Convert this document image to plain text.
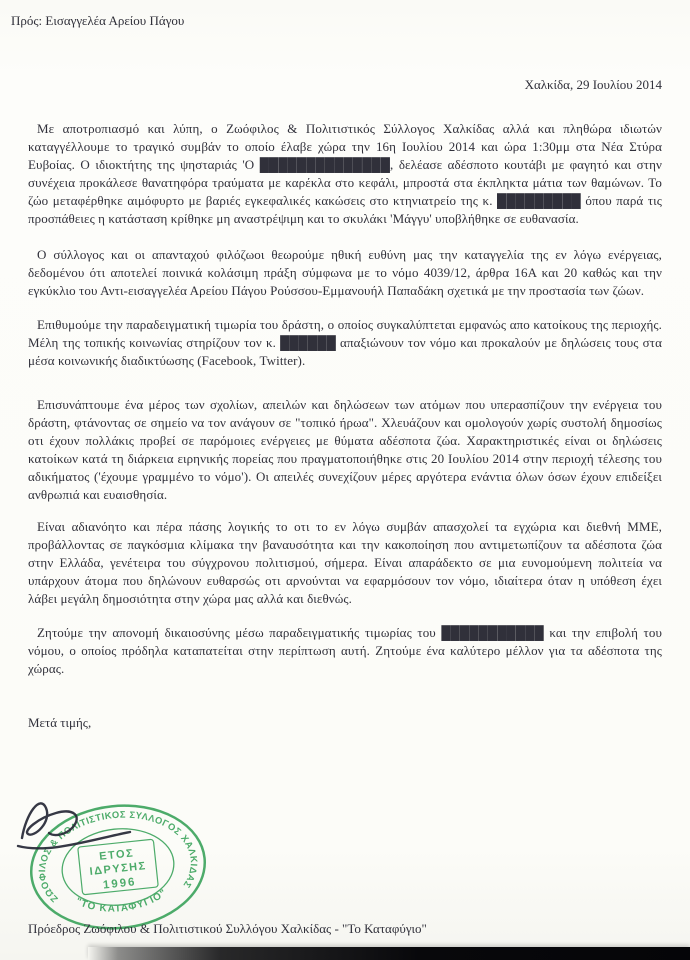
Πρός: Εισαγγελέα Αρείου Πάγου
Χαλκίδα, 29 Ιουλίου 2014

Με αποτροπιασμό και λύπη, ο Ζωόφιλος & Πολιτιστικός Σύλλογος Χαλκίδας αλλά και πληθώρα ιδιωτών καταγγέλλουμε το τραγικό συμβάν το οποίο έλαβε χώρα την 16η Ιουλίου 2014 και ώρα 1:30μμ στα Νέα Στύρα Ευβοίας. Ο ιδιοκτήτης της ψησταριάς 'Ο ██████████████, δελέασε αδέσποτο κουτάβι με φαγητό και στην συνέχεια προκάλεσε θανατηφόρα τραύματα με καρέκλα στο κεφάλι, μπροστά στα έκπληκτα μάτια των θαμώνων. Το ζώο μεταφέρθηκε αιμόφυρτο με βαριές εγκεφαλικές κακώσεις στο κτηνιατρείο της κ. █████████ όπου παρά τις προσπάθειες η κατάσταση κρίθηκε μη αναστρέψιμη και το σκυλάκι 'Μάγγυ' υποβλήθηκε σε ευθανασία.

Ο σύλλογος και οι απανταχού φιλόζωοι θεωρούμε ηθική ευθύνη μας την καταγγελία της εν λόγω ενέργειας, δεδομένου ότι αποτελεί ποινικά κολάσιμη πράξη σύμφωνα με το νόμο 4039/12, άρθρα 16Α και 20 καθώς και την εγκύκλιο του Αντι-εισαγγελέα Αρείου Πάγου Ρούσσου-Εμμανουήλ Παπαδάκη σχετικά με την προστασία των ζώων.

Επιθυμούμε την παραδειγματική τιμωρία του δράστη, ο οποίος συγκαλύπτεται εμφανώς απο κατοίκους της περιοχής. Μέλη της τοπικής κοινωνίας στηρίζουν τον κ. ██████ απαξιώνουν τον νόμο και προκαλούν με δηλώσεις τους στα μέσα κοινωνικής διαδικτύωσης (Facebook, Twitter).

Επισυνάπτουμε ένα μέρος των σχολίων, απειλών και δηλώσεων των ατόμων που υπερασπίζουν την ενέργεια του δράστη, φτάνοντας σε σημείο να τον ανάγουν σε "τοπικό ήρωα". Χλευάζουν και ομολογούν χωρίς συστολή δημοσίως οτι έχουν πολλάκις προβεί σε παρόμοιες ενέργειες με θύματα αδέσποτα ζώα. Χαρακτηριστικές είναι οι δηλώσεις κατοίκων κατά τη διάρκεια ειρηνικής πορείας που πραγματοποιήθηκε στις 20 Ιουλίου 2014 στην περιοχή τέλεσης του αδικήματος ('έχουμε γραμμένο το νόμο'). Οι απειλές συνεχίζουν μέρες αργότερα ενάντια όλων όσων έχουν επιδείξει ανθρωπιά και ευαισθησία.

Είναι αδιανόητο και πέρα πάσης λογικής το οτι το εν λόγω συμβάν απασχολεί τα εγχώρια και διεθνή ΜΜΕ, προβάλλοντας σε παγκόσμια κλίμακα την βαναυσότητα και την κακοποίηση που αντιμετωπίζουν τα αδέσποτα ζώα στην Ελλάδα, γενέτειρα του σύγχρονου πολιτισμού, σήμερα. Είναι απαράδεκτο σε μια ευνομούμενη πολιτεία να υπάρχουν άτομα που δηλώνουν ευθαρσώς οτι αρνούνται να εφαρμόσουν τον νόμο, ιδιαίτερα όταν η υπόθεση έχει λάβει μεγάλη δημοσιότητα στην χώρα μας αλλά και διεθνώς.

Ζητούμε την απονομή δικαιοσύνης μέσω παραδειγματικής τιμωρίας του ███████████ και την επιβολή του νόμου, ο οποίος πρόδηλα καταπατείται στην περίπτωση αυτή. Ζητούμε ένα καλύτερο μέλλον για τα αδέσποτα της χώρας.

Μετά τιμής,
ΖΩΟΦΙΛΟΣ & ΠΟΛΙΤΙΣΤΙΚΟΣ ΣΥΛΛΟΓΟΣ ΧΑΛΚΙΔΑΣ
"ΤΟ ΚΑΤΑΦΥΓΙΟ"
ΕΤΟΣ
ΙΔΡΥΣΗΣ
1996
Πρόεδρος Ζωόφιλου & Πολιτιστικού Συλλόγου Χαλκίδας - "Το Καταφύγιο"
